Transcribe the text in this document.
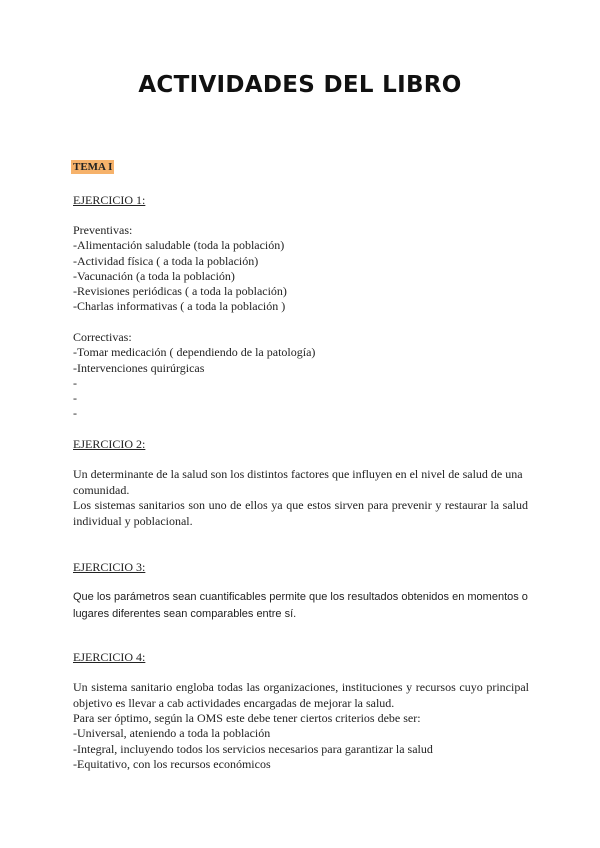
ACTIVIDADES DEL LIBRO

TEMA I

EJERCICIO 1:

Preventivas:
-Alimentación saludable (toda la población)
-Actividad física ( a toda la población)
-Vacunación (a toda la población)
-Revisiones periódicas ( a toda la población)
-Charlas informativas ( a toda la población )
Correctivas:
-Tomar medicación ( dependiendo de la patología)
-Intervenciones quirúrgicas
-
-
-

EJERCICIO 2:

Un determinante de la salud son los distintos factores que influyen en el nivel de salud de una comunidad.

Los sistemas sanitarios son uno de ellos ya que estos sirven para prevenir y restaurar la salud individual y poblacional.

EJERCICIO 3:

Que los parámetros sean cuantificables permite que los resultados obtenidos en momentos o lugares diferentes sean comparables entre sí.

EJERCICIO 4:

Un sistema sanitario engloba todas las organizaciones, instituciones y recursos cuyo principal objetivo es llevar a cab actividades encargadas de mejorar la salud.

Para ser óptimo, según la OMS este debe tener ciertos criterios debe ser:
-Universal, ateniendo a toda la población
-Integral, incluyendo todos los servicios necesarios para garantizar la salud
-Equitativo, con los recursos económicos
